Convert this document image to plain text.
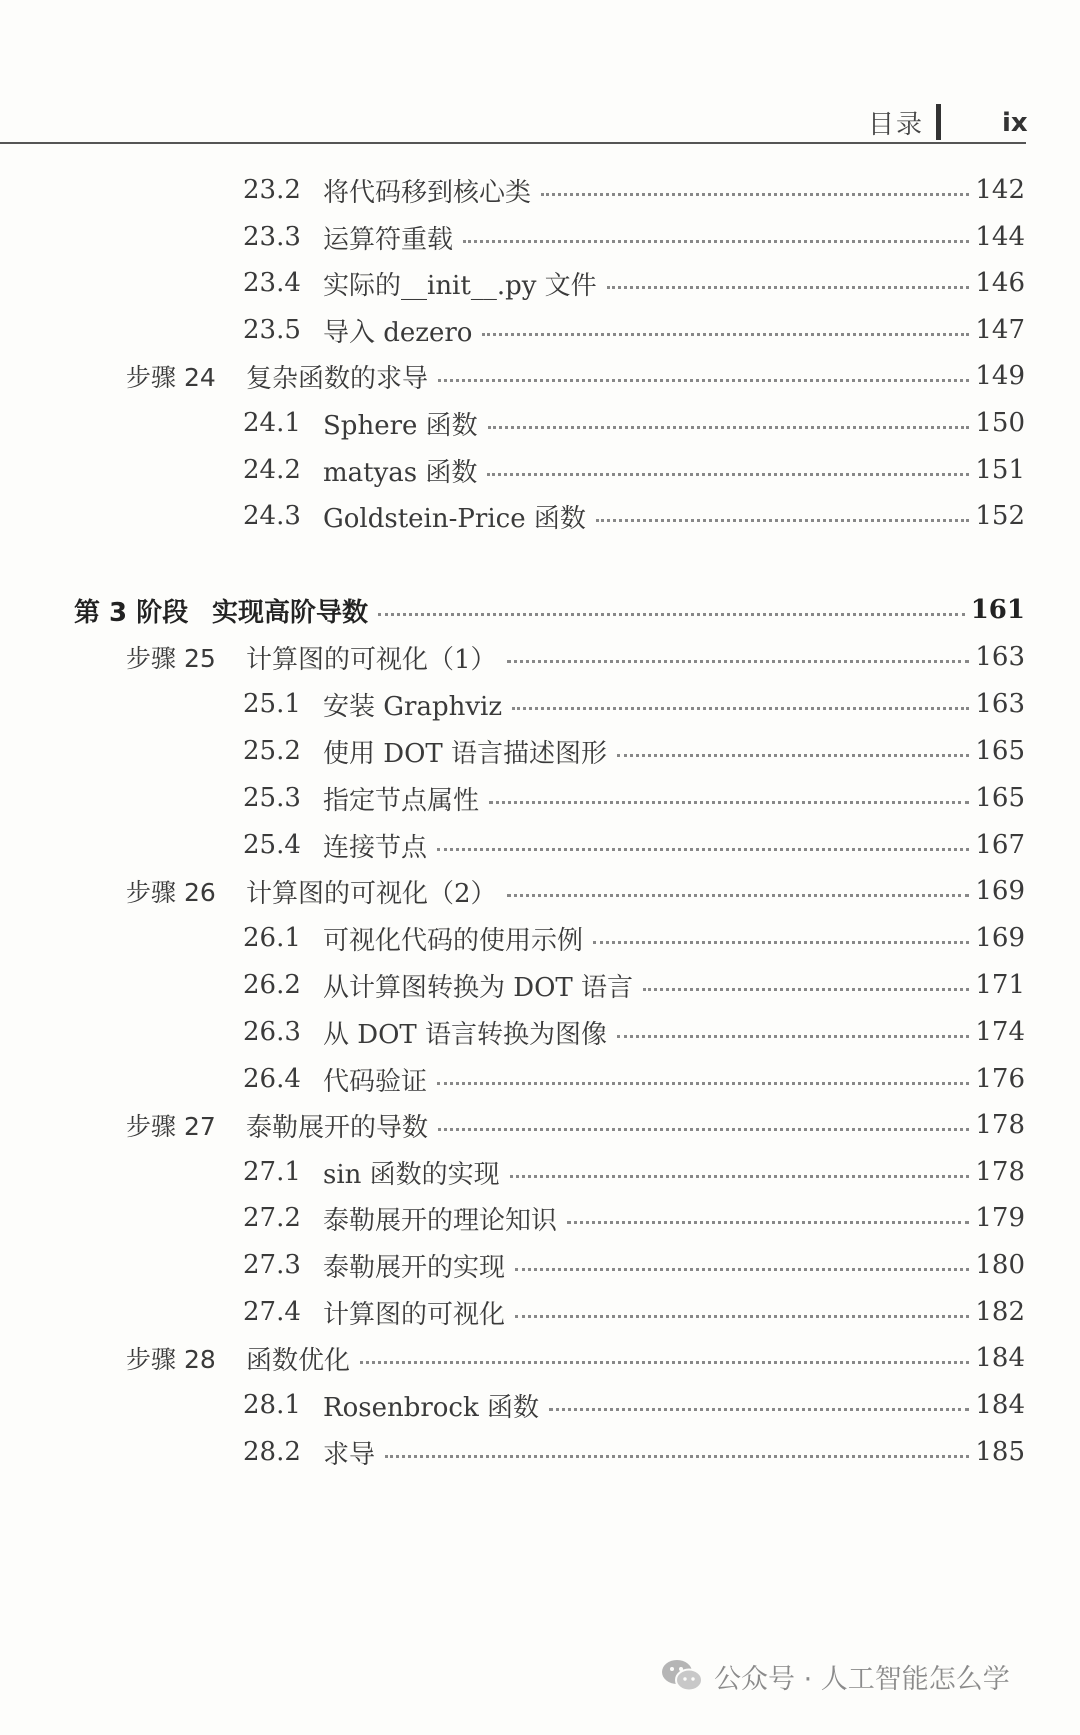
目录	ix
23.2 将代码移到核心类	142
23.3 运算符重载	144
23.4 实际的__init__.py 文件	146
23.5 导入 dezero	147
步骤 24	复杂函数的求导	149
24.1 Sphere 函数	150
24.2 matyas 函数	151
24.3 Goldstein-Price 函数	152
第 3 阶段 实现高阶导数	161
步骤 25	计算图的可视化（1）	163
25.1 安装 Graphviz	163
25.2 使用 DOT 语言描述图形	165
25.3 指定节点属性	165
25.4 连接节点	167
步骤 26	计算图的可视化（2）	169
26.1 可视化代码的使用示例	169
26.2 从计算图转换为 DOT 语言	171
26.3 从 DOT 语言转换为图像	174
26.4 代码验证	176
步骤 27	泰勒展开的导数	178
27.1 sin 函数的实现	178
27.2 泰勒展开的理论知识	179
27.3 泰勒展开的实现	180
27.4 计算图的可视化	182
步骤 28	函数优化	184
28.1 Rosenbrock 函数	184
28.2 求导	185
公众号 · 人工智能怎么学
